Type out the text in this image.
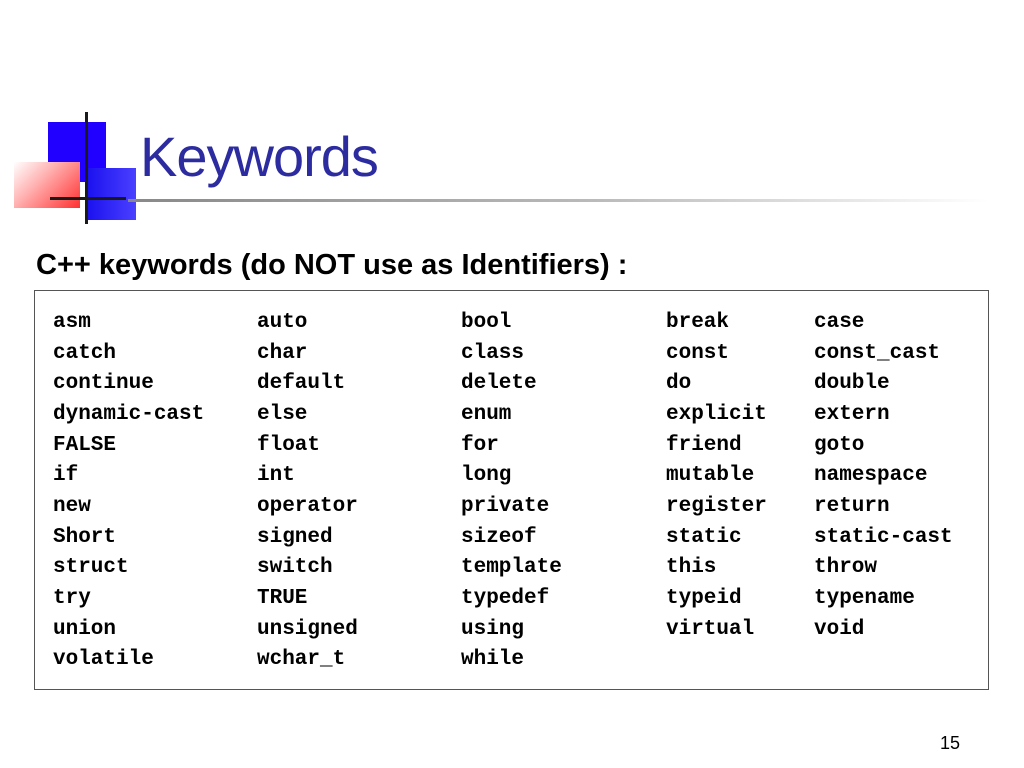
Keywords
C++ keywords (do NOT use as Identifiers) :
asm	auto	bool	break	case
catch	char	class	const	const_cast
continue	default	delete	do	double
dynamic-cast	else	enum	explicit	extern
FALSE	float	for	friend	goto
if	int	long	mutable	namespace
new	operator	private	register	return
Short	signed	sizeof	static	static-cast
struct	switch	template	this	throw
try	TRUE	typedef	typeid	typename
union	unsigned	using	virtual	void
volatile	wchar_t	while		
15
